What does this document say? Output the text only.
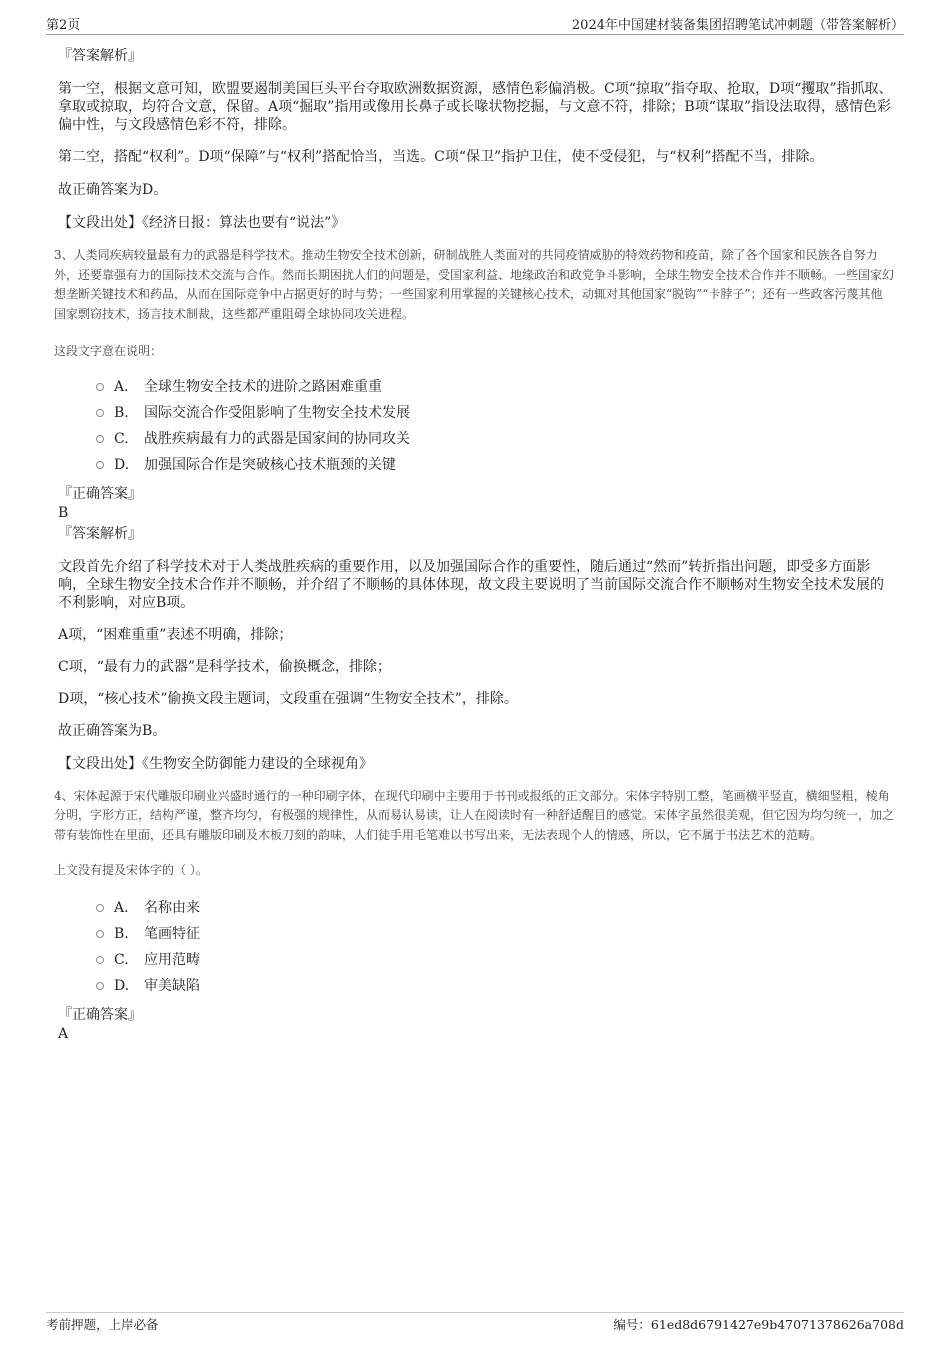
第2页	2024年中国建材装备集团招聘笔试冲刺题（带答案解析）
『答案解析』
第一空，根据文意可知，欧盟要遏制美国巨头平台夺取欧洲数据资源，感情色彩偏消极。C项“掠取”指夺取、抢取，D项“攫取”指抓取、拿取或掠取，均符合文意，保留。A项“掘取”指用或像用长鼻子或长喙状物挖掘，与文意不符，排除；B项“谋取”指设法取得，感情色彩偏中性，与文段感情色彩不符，排除。
第二空，搭配“权利”。D项“保障”与“权利”搭配恰当，当选。C项“保卫”指护卫住，使不受侵犯，与“权利”搭配不当，排除。
故正确答案为D。
【文段出处】《经济日报：算法也要有“说法”》
3、人类同疾病较量最有力的武器是科学技术。推动生物安全技术创新，研制战胜人类面对的共同疫情威胁的特效药物和疫苗，除了各个国家和民族各自努力外，还要靠强有力的国际技术交流与合作。然而长期困扰人们的问题是，受国家利益、地缘政治和政党争斗影响，全球生物安全技术合作并不顺畅。一些国家幻想垄断关键技术和药品，从而在国际竞争中占据更好的时与势；一些国家利用掌握的关键核心技术，动辄对其他国家“脱钩”“卡脖子”；还有一些政客污蔑其他国家剽窃技术，扬言技术制裁，这些都严重阻碍全球协同攻关进程。
这段文字意在说明：
A． 全球生物安全技术的进阶之路困难重重
B. 国际交流合作受阻影响了生物安全技术发展
C. 战胜疾病最有力的武器是国家间的协同攻关
D. 加强国际合作是突破核心技术瓶颈的关键
『正确答案』
B
『答案解析』
文段首先介绍了科学技术对于人类战胜疾病的重要作用，以及加强国际合作的重要性，随后通过“然而”转折指出问题，即受多方面影响，全球生物安全技术合作并不顺畅，并介绍了不顺畅的具体体现，故文段主要说明了当前国际交流合作不顺畅对生物安全技术发展的不利影响，对应B项。
A项，“困难重重”表述不明确，排除；
C项，“最有力的武器”是科学技术，偷换概念，排除；
D项，“核心技术”偷换文段主题词，文段重在强调“生物安全技术”，排除。
故正确答案为B。
【文段出处】《生物安全防御能力建设的全球视角》
4、宋体起源于宋代雕版印刷业兴盛时通行的一种印刷字体，在现代印刷中主要用于书刊或报纸的正文部分。宋体字特别工整，笔画横平竖直，横细竖粗，棱角分明，字形方正，结构严谨，整齐均匀，有极强的规律性，从而易认易读，让人在阅读时有一种舒适醒目的感觉。宋体字虽然很美观，但它因为均匀统一，加之带有装饰性在里面，还具有雕版印刷及木板刀刻的韵味，人们徒手用毛笔难以书写出来，无法表现个人的情感，所以，它不属于书法艺术的范畴。
上文没有提及宋体字的（ ）。
A． 名称由来
B. 笔画特征
C. 应用范畴
D. 审美缺陷
『正确答案』
A
考前押题，上岸必备	编号：61ed8d6791427e9b47071378626a708d
